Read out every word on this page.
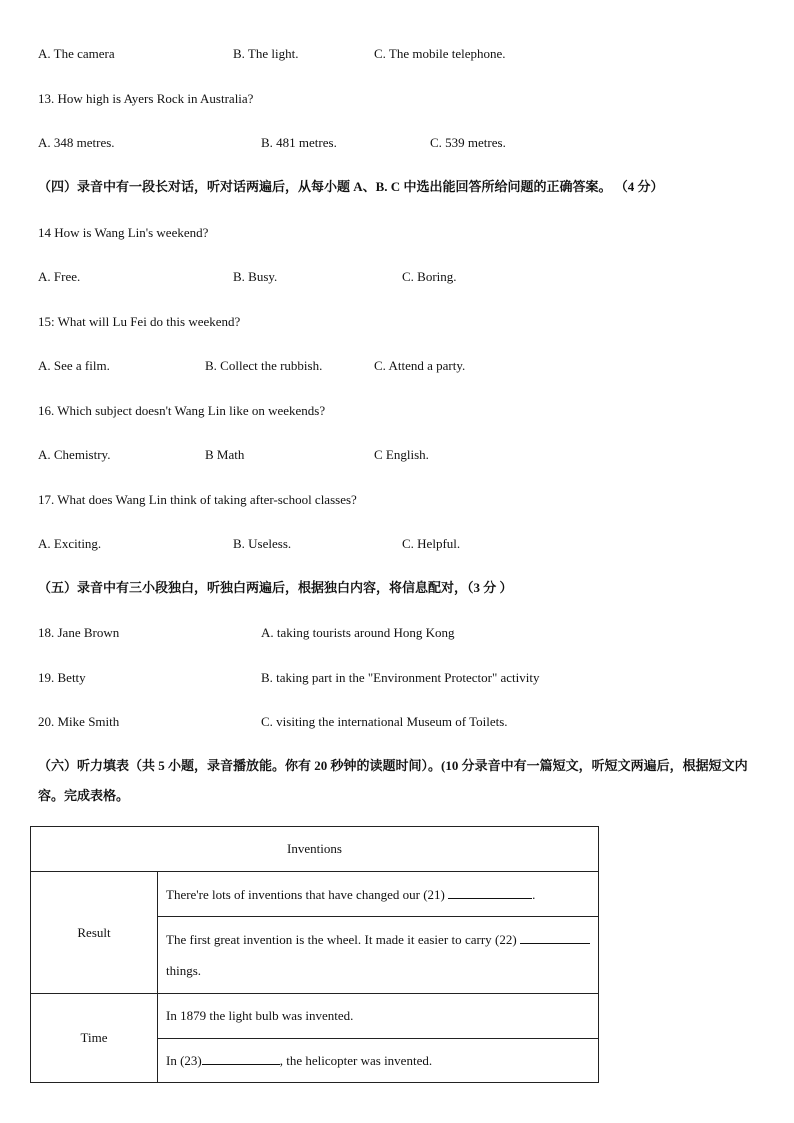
A. The camera	B. The light.	C. The mobile telephone.
13. How high is Ayers Rock in Australia?
A. 348 metres.	B. 481 metres.	C. 539 metres.
（四）录音中有一段长对话，听对话两遍后，从每小题 A、B. C 中选出能回答所给问题的正确答案。 （4 分）
14 How is Wang Lin's weekend?
A. Free.	B. Busy.	C. Boring.
15: What will Lu Fei do this weekend?
A. See a film.	B. Collect the rubbish.	C. Attend a party.
16. Which subject doesn't Wang Lin like on weekends?
A. Chemistry.	B Math	C English.
17. What does Wang Lin think of taking after-school classes?
A. Exciting.	B. Useless.	C. Helpful.
（五）录音中有三小段独白，听独白两遍后，根据独白内容，将信息配对，（3 分 ）
18. Jane Brown	A. taking tourists around Hong Kong
19. Betty	B. taking part in the "Environment Protector" activity
20. Mike Smith	C. visiting the international Museum of Toilets.
（六）听力填表（共 5 小题，录音播放能。你有 20 秒钟的读题时间）。(10 分录音中有一篇短文，听短文两遍后，根据短文内容。完成表格。
Inventions	
Result	There're lots of inventions that have changed our (21) .
	The first great invention is the wheel. It made it easier to carry (22)  things.
Time	In 1879 the light bulb was invented.
	In (23) , the helicopter was invented.
